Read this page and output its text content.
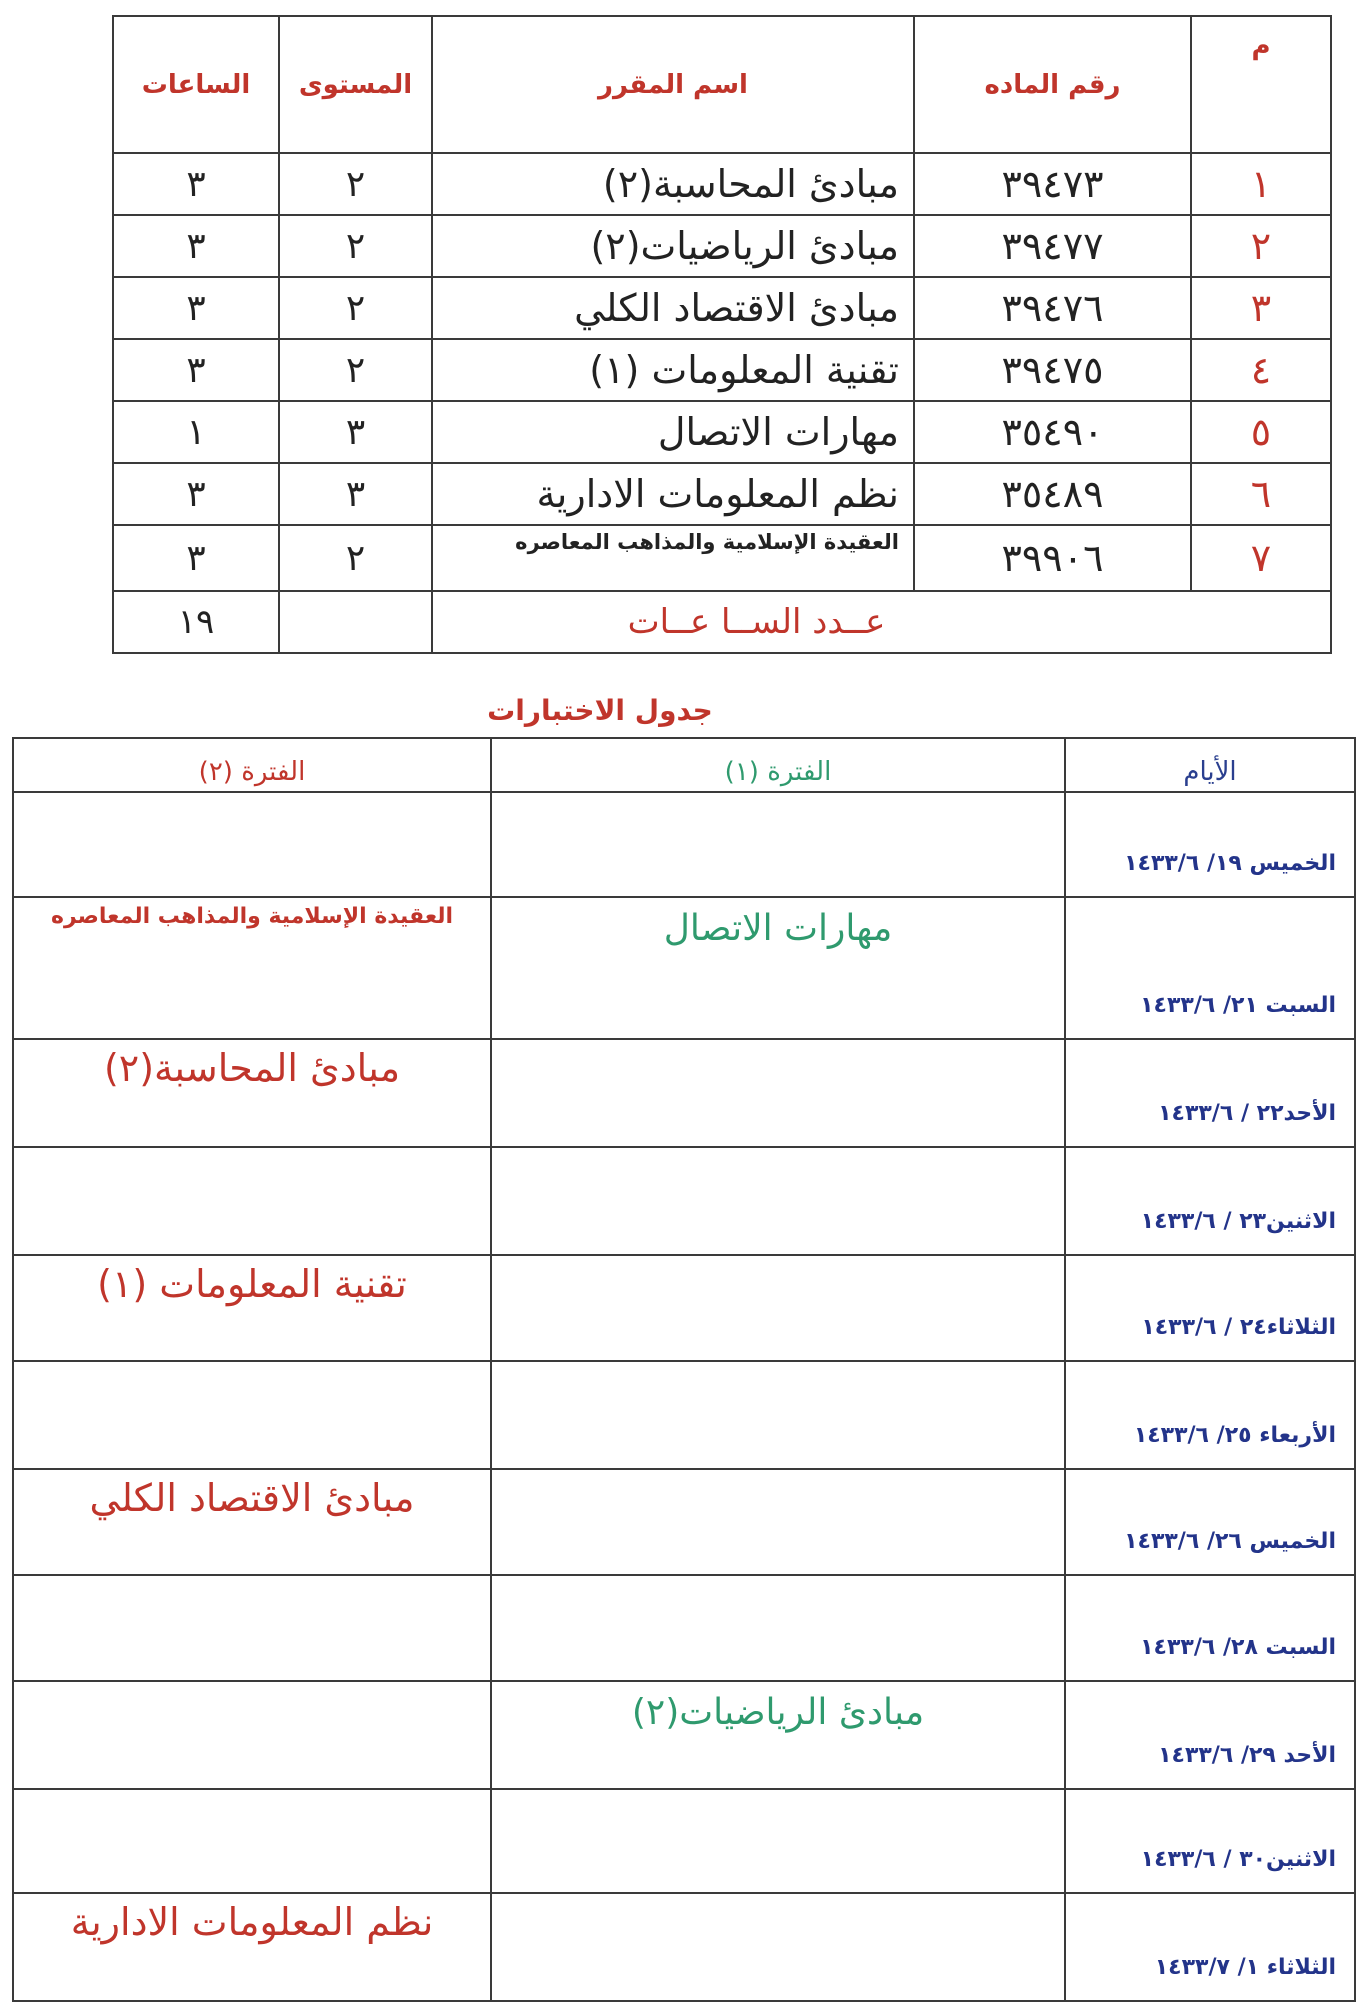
م	رقم الماده	اسم المقرر	المستوى	الساعات
١	٣٩٤٧٣	مبادئ المحاسبة(٢)	٢	٣
٢	٣٩٤٧٧	مبادئ الرياضيات(٢)	٢	٣
٣	٣٩٤٧٦	مبادئ الاقتصاد الكلي	٢	٣
٤	٣٩٤٧٥	تقنية المعلومات (١)	٢	٣
٥	٣٥٤٩٠	مهارات الاتصال	٣	١
٦	٣٥٤٨٩	نظم المعلومات الادارية	٣	٣
٧	٣٩٩٠٦	العقيدة الإسلامية والمذاهب المعاصره	٢	٣
عــدد الســا عــات				١٩
جدول الاختبارات
الأيام	الفترة (١)	الفترة (٢)
الخميس ١٩/ ١٤٣٣/٦		
السبت ٢١/ ١٤٣٣/٦	مهارات الاتصال	العقيدة الإسلامية والمذاهب المعاصره
الأحد٢٢ / ١٤٣٣/٦		مبادئ المحاسبة(٢)
الاثنين٢٣ / ١٤٣٣/٦		
الثلاثاء٢٤ / ١٤٣٣/٦		تقنية المعلومات (١)
الأربعاء ٢٥/ ١٤٣٣/٦		
الخميس ٢٦/ ١٤٣٣/٦		مبادئ الاقتصاد الكلي
السبت ٢٨/ ١٤٣٣/٦		
الأحد ٢٩/ ١٤٣٣/٦	مبادئ الرياضيات(٢)	
الاثنين٣٠ / ١٤٣٣/٦		
الثلاثاء ١/ ١٤٣٣/٧		نظم المعلومات الادارية
